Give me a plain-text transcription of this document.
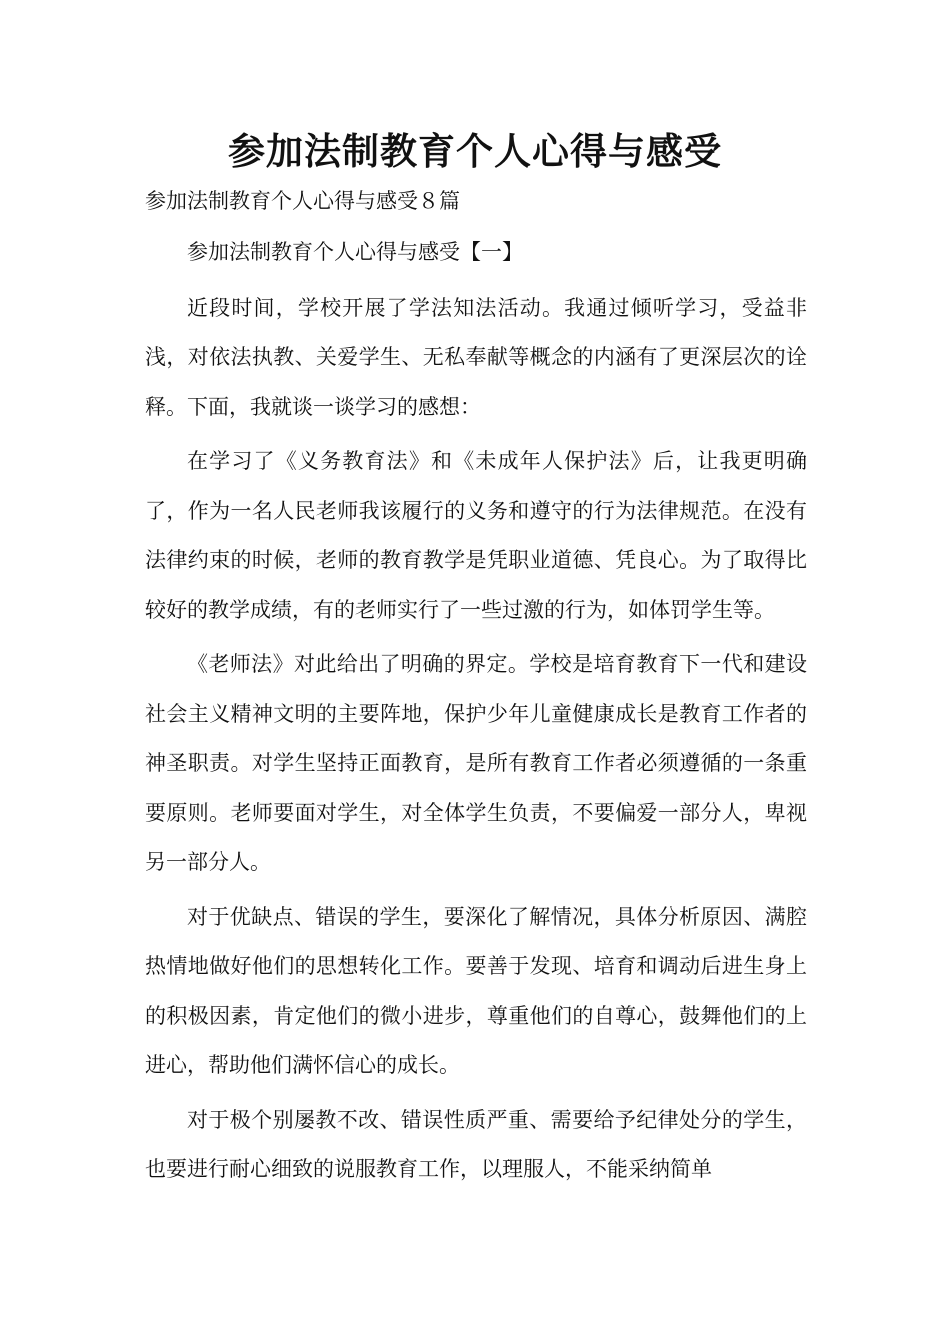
参加法制教育个人心得与感受

参加法制教育个人心得与感受８篇

参加法制教育个人心得与感受【一】

近段时间，学校开展了学法知法活动。我通过倾听学习，受益非浅，对依法执教、关爱学生、无私奉献等概念的内涵有了更深层次的诠释。下面，我就谈一谈学习的感想：

在学习了《义务教育法》和《未成年人保护法》后，让我更明确了，作为一名人民老师我该履行的义务和遵守的行为法律规范。在没有法律约束的时候，老师的教育教学是凭职业道德、凭良心。为了取得比较好的教学成绩，有的老师实行了一些过激的行为，如体罚学生等。

《老师法》对此给出了明确的界定。学校是培育教育下一代和建设社会主义精神文明的主要阵地，保护少年儿童健康成长是教育工作者的神圣职责。对学生坚持正面教育，是所有教育工作者必须遵循的一条重要原则。老师要面对学生，对全体学生负责，不要偏爱一部分人，卑视另一部分人。

对于优缺点、错误的学生，要深化了解情况，具体分析原因、满腔热情地做好他们的思想转化工作。要善于发现、培育和调动后进生身上的积极因素，肯定他们的微小进步，尊重他们的自尊心，鼓舞他们的上进心，帮助他们满怀信心的成长。

对于极个别屡教不改、错误性质严重、需要给予纪律处分的学生，也要进行耐心细致的说服教育工作，以理服人，不能采纳简单
